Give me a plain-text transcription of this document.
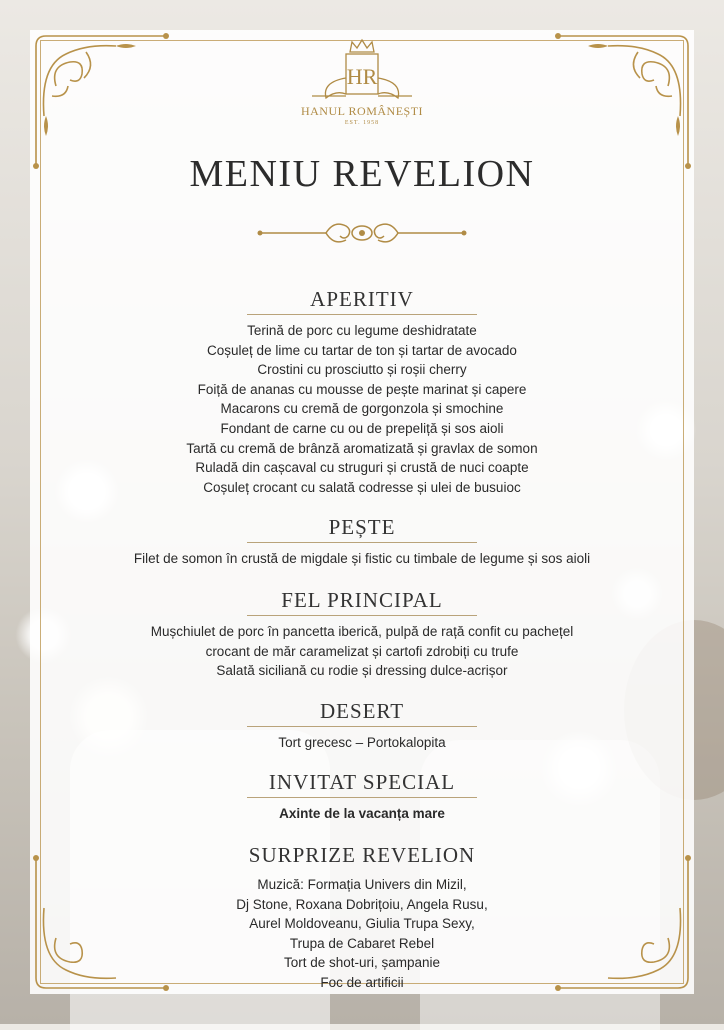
HR
HANUL ROMÂNEȘTI
EST. 1958
MENIU REVELION
APERITIV
Terină de porc cu legume deshidratate
Coșuleț de lime cu tartar de ton și tartar de avocado
Crostini cu prosciutto și roșii cherry
Foiță de ananas cu mousse de pește marinat și capere
Macarons cu cremă de gorgonzola și smochine
Fondant de carne cu ou de prepeliță și sos aioli
Tartă cu cremă de brânză aromatizată și gravlax de somon
Ruladă din cașcaval cu struguri și crustă de nuci coapte
Coșuleț crocant cu salată codresse și ulei de busuioc
PEȘTE
Filet de somon în crustă de migdale și fistic cu timbale de legume și sos aioli
FEL PRINCIPAL
Mușchiulet de porc în pancetta iberică, pulpă de rață confit cu pachețel
crocant de măr caramelizat și cartofi zdrobiți cu trufe
Salată siciliană cu rodie și dressing dulce-acrișor
DESERT
Tort grecesc – Portokalopita
INVITAT SPECIAL
Axinte de la vacanța mare
SURPRIZE REVELION
Muzică: Formația Univers din Mizil,
Dj Stone, Roxana Dobrițoiu, Angela Rusu,
Aurel Moldoveanu, Giulia Trupa Sexy,
Trupa de Cabaret Rebel
Tort de shot-uri, șampanie
Foc de artificii
